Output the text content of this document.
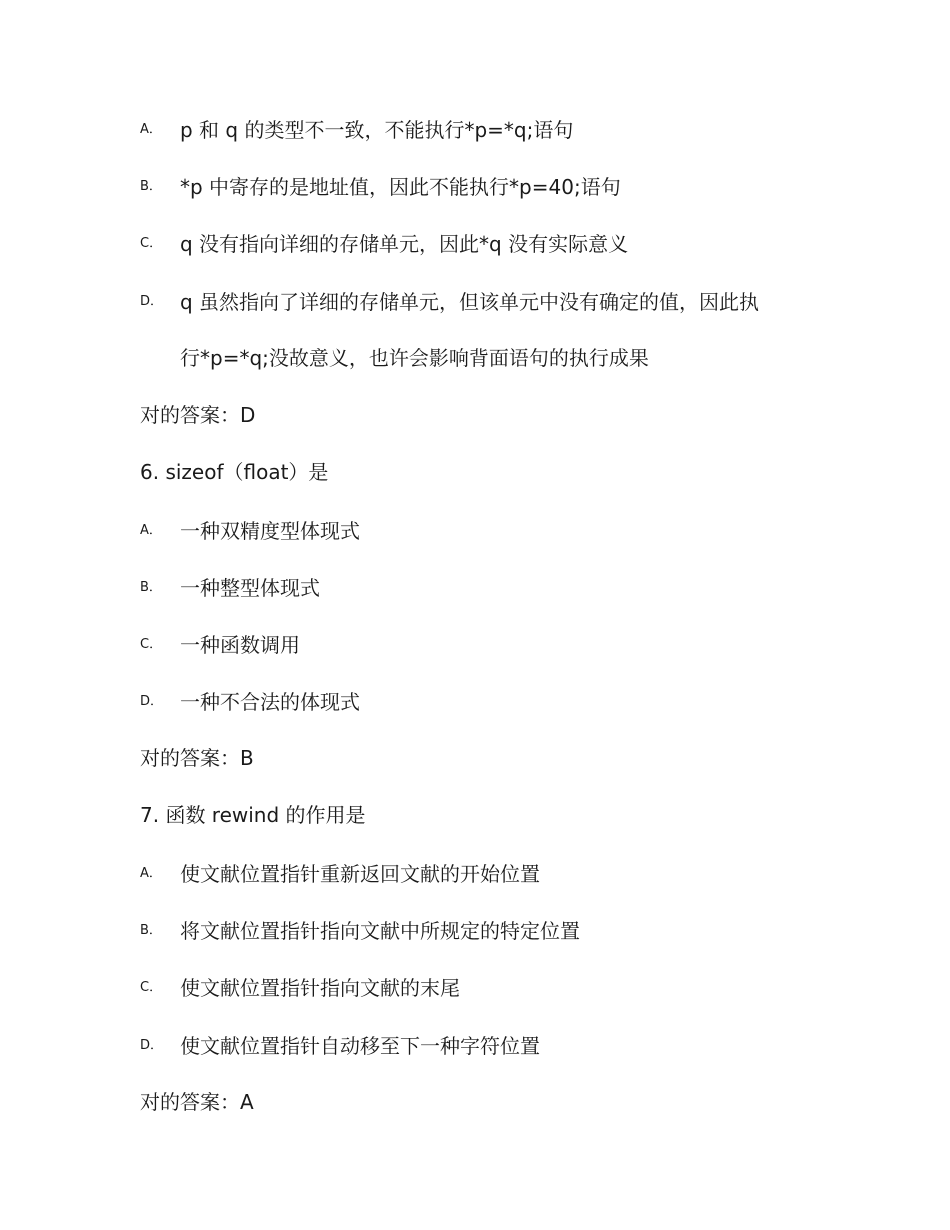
A． p 和 q 的类型不一致，不能执行*p=*q;语句
B． *p 中寄存的是地址值，因此不能执行*p=40;语句
C． q 没有指向详细的存储单元，因此*q 没有实际意义
D． q 虽然指向了详细的存储单元，但该单元中没有确定的值，因此执
行*p=*q;没故意义，也许会影响背面语句的执行成果
对的答案：D
6. sizeof（float）是
A． 一种双精度型体现式
B． 一种整型体现式
C． 一种函数调用
D． 一种不合法的体现式
对的答案：B
7. 函数 rewind 的作用是
A． 使文献位置指针重新返回文献的开始位置
B． 将文献位置指针指向文献中所规定的特定位置
C． 使文献位置指针指向文献的末尾
D． 使文献位置指针自动移至下一种字符位置
对的答案：A
